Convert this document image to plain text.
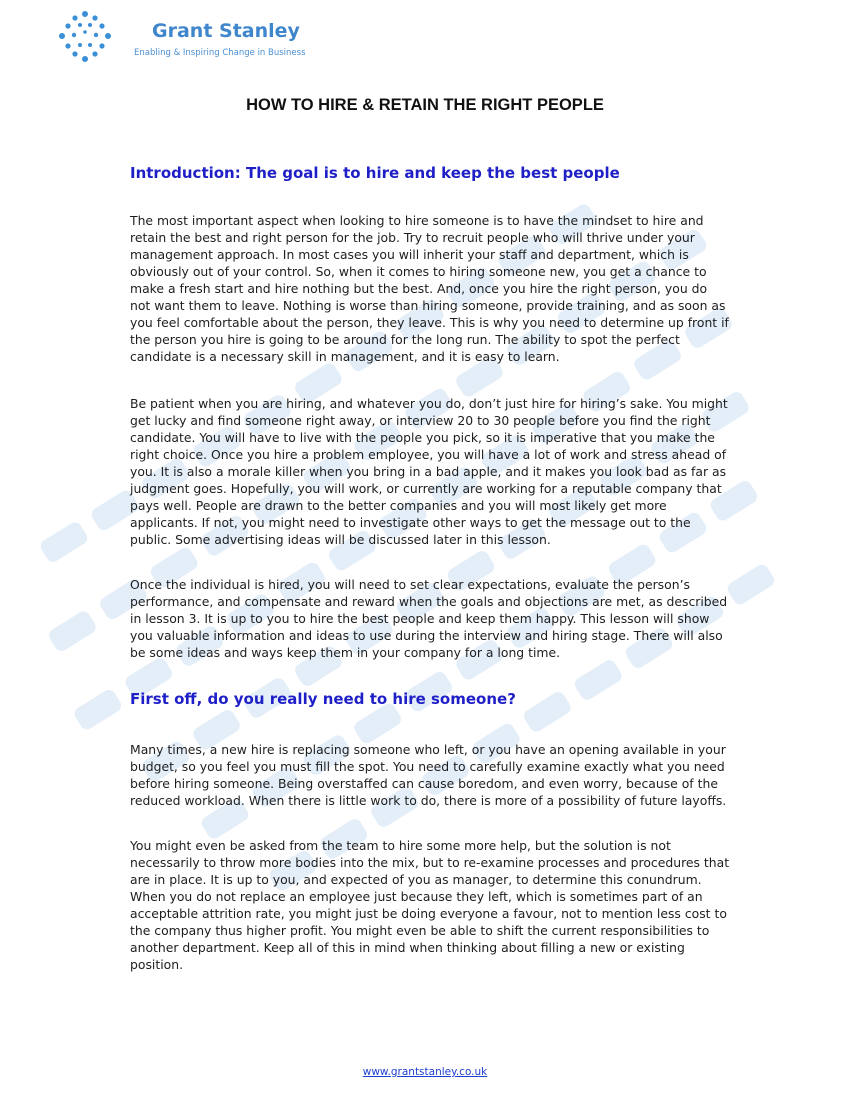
Grant Stanley
Enabling & Inspiring Change in Business
HOW TO HIRE & RETAIN THE RIGHT PEOPLE
Introduction: The goal is to hire and keep the best people

The most important aspect when looking to hire someone is to have the mindset to hire and retain the best and right person for the job. Try to recruit people who will thrive under your management approach. In most cases you will inherit your staff and department, which is obviously out of your control. So, when it comes to hiring someone new, you get a chance to make a fresh start and hire nothing but the best. And, once you hire the right person, you do not want them to leave. Nothing is worse than hiring someone, provide training, and as soon as you feel comfortable about the person, they leave. This is why you need to determine up front if the person you hire is going to be around for the long run. The ability to spot the perfect candidate is a necessary skill in management, and it is easy to learn.

Be patient when you are hiring, and whatever you do, don’t just hire for hiring’s sake. You might get lucky and find someone right away, or interview 20 to 30 people before you find the right candidate. You will have to live with the people you pick, so it is imperative that you make the right choice. Once you hire a problem employee, you will have a lot of work and stress ahead of you. It is also a morale killer when you bring in a bad apple, and it makes you look bad as far as judgment goes. Hopefully, you will work, or currently are working for a reputable company that pays well. People are drawn to the better companies and you will most likely get more applicants. If not, you might need to investigate other ways to get the message out to the public. Some advertising ideas will be discussed later in this lesson.

Once the individual is hired, you will need to set clear expectations, evaluate the person’s performance, and compensate and reward when the goals and objections are met, as described in lesson 3. It is up to you to hire the best people and keep them happy. This lesson will show you valuable information and ideas to use during the interview and hiring stage. There will also be some ideas and ways keep them in your company for a long time.

First off, do you really need to hire someone?

Many times, a new hire is replacing someone who left, or you have an opening available in your budget, so you feel you must fill the spot. You need to carefully examine exactly what you need before hiring someone. Being overstaffed can cause boredom, and even worry, because of the reduced workload. When there is little work to do, there is more of a possibility of future layoffs.

You might even be asked from the team to hire some more help, but the solution is not necessarily to throw more bodies into the mix, but to re-examine processes and procedures that are in place. It is up to you, and expected of you as manager, to determine this conundrum. When you do not replace an employee just because they left, which is sometimes part of an acceptable attrition rate, you might just be doing everyone a favour, not to mention less cost to the company thus higher profit. You might even be able to shift the current responsibilities to another department. Keep all of this in mind when thinking about filling a new or existing position.

www.grantstanley.co.uk
